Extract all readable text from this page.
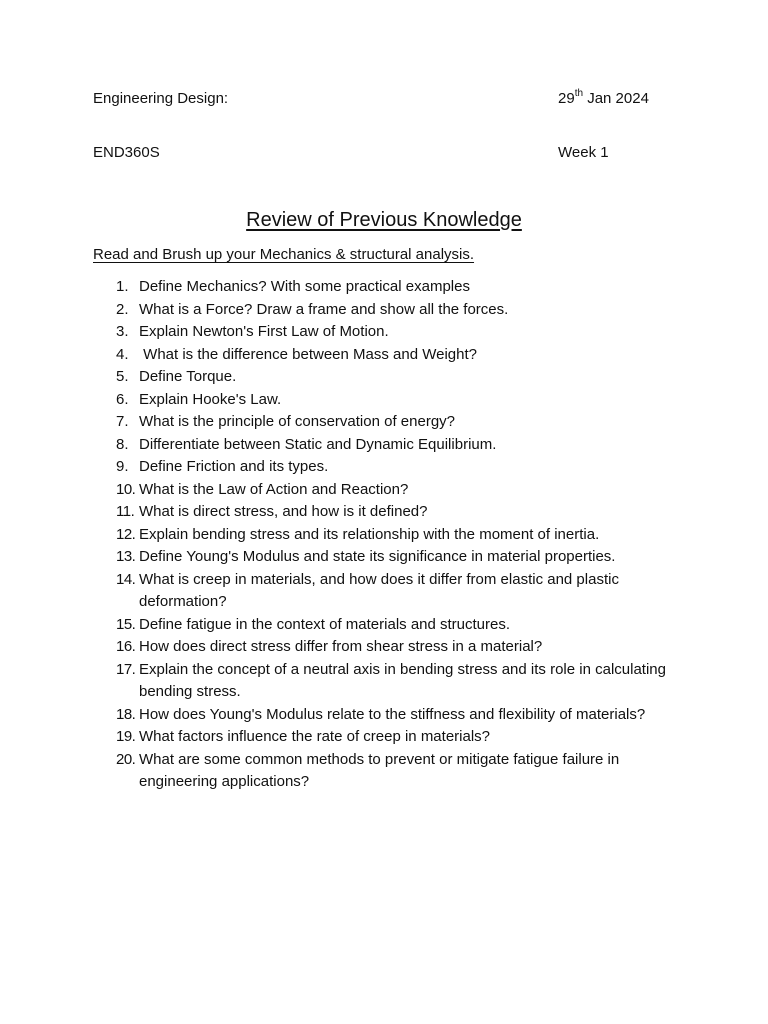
Engineering Design:	29th Jan 2024
END360S	Week 1
Review of Previous Knowledge
Read and Brush up your Mechanics & structural analysis.
1. Define Mechanics? With some practical examples
2. What is a Force? Draw a frame and show all the forces.
3. Explain Newton's First Law of Motion.
4. What is the difference between Mass and Weight?
5. Define Torque.
6. Explain Hooke's Law.
7. What is the principle of conservation of energy?
8. Differentiate between Static and Dynamic Equilibrium.
9. Define Friction and its types.
10. What is the Law of Action and Reaction?
11. What is direct stress, and how is it defined?
12. Explain bending stress and its relationship with the moment of inertia.
13. Define Young's Modulus and state its significance in material properties.
14. What is creep in materials, and how does it differ from elastic and plastic deformation?
15. Define fatigue in the context of materials and structures.
16. How does direct stress differ from shear stress in a material?
17. Explain the concept of a neutral axis in bending stress and its role in calculating bending stress.
18. How does Young's Modulus relate to the stiffness and flexibility of materials?
19. What factors influence the rate of creep in materials?
20. What are some common methods to prevent or mitigate fatigue failure in engineering applications?
